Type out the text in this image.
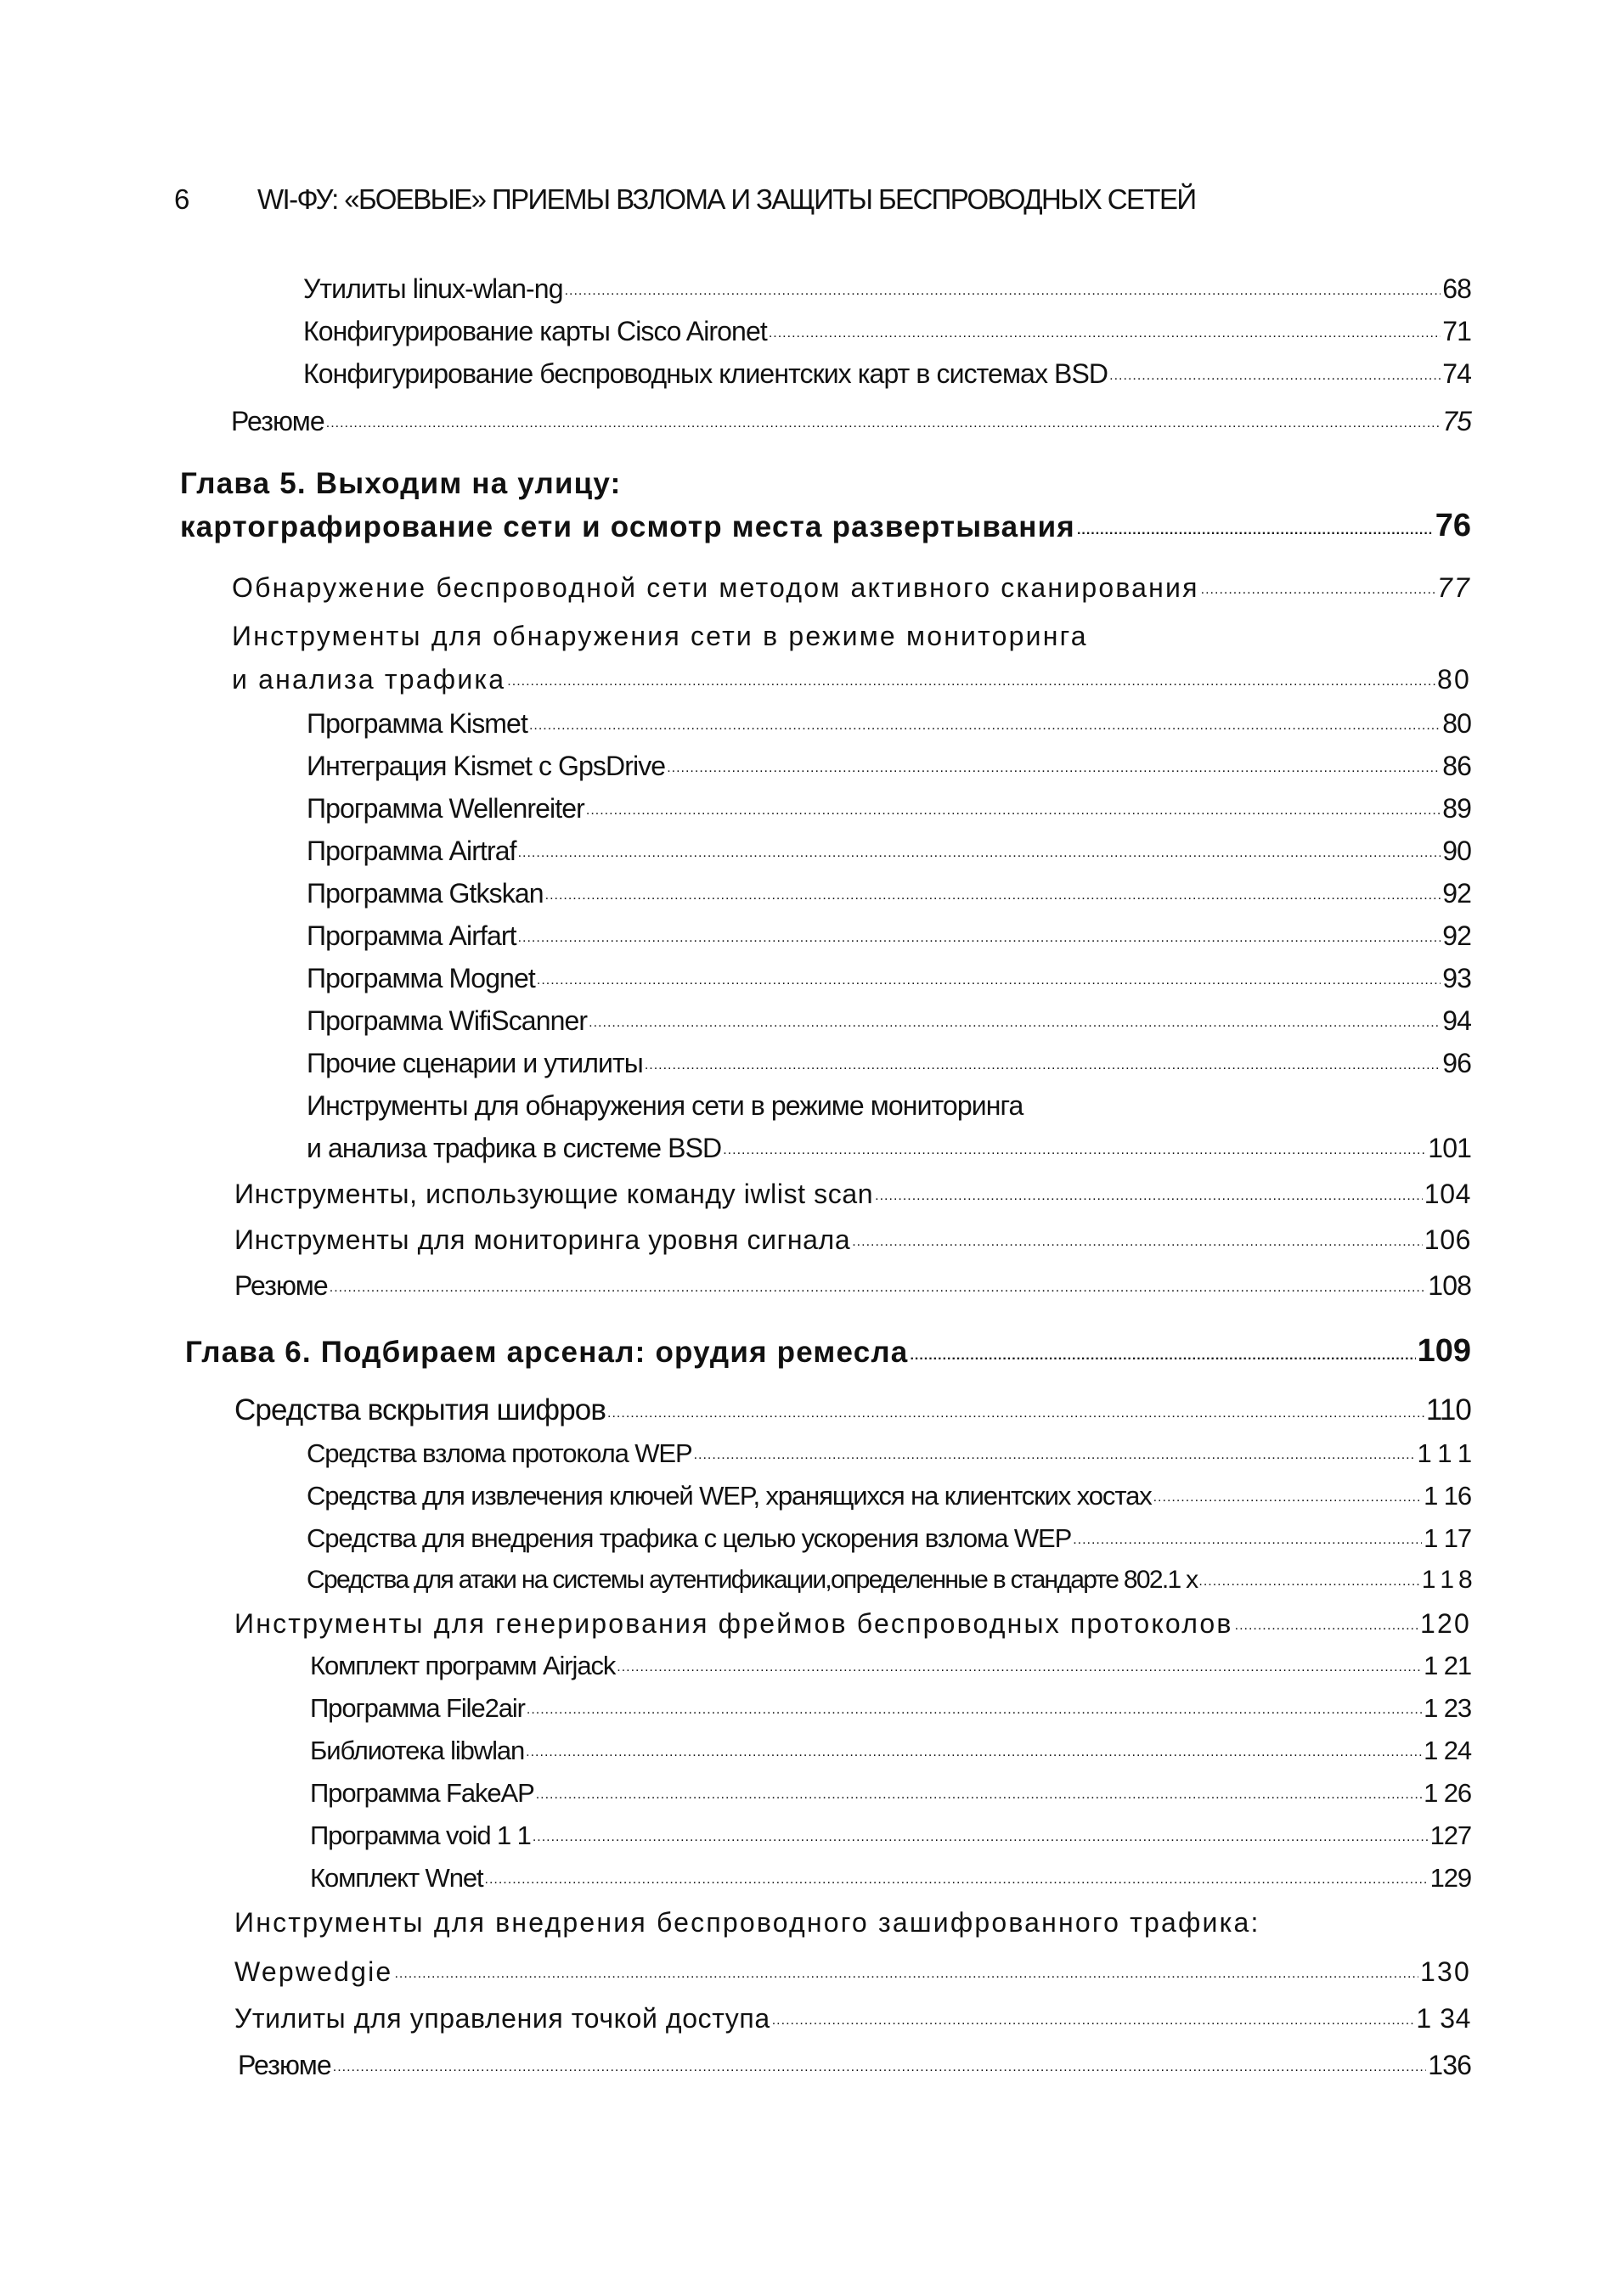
6 WI-ФУ: «БОЕВЫЕ» ПРИЕМЫ ВЗЛОМА И ЗАЩИТЫ БЕСПРОВОДНЫХ СЕТЕЙ
Утилиты linux-wlan-ng .....	68
Конфигурирование карты Cisco Aironet .....	71
Конфигурирование беспроводных клиентских карт в системах BSD .....	74
Резюме .....	75
Глава 5. Выходим на улицу:
картографирование сети и осмотр места развертывания .....	76
Обнаружение беспроводной сети методом активного сканирования .....	77
Инструменты для обнаружения сети в режиме мониторинга
и анализа трафика .....	80
Программа Kismet .....	80
Интеграция Kismet с GpsDrive .....	86
Программа Wellenreiter .....	89
Программа Airtraf .....	90
Программа Gtkskan .....	92
Программа Airfart .....	92
Программа Mognet .....	93
Программа WifiScanner .....	94
Прочие сценарии и утилиты .....	96
Инструменты для обнаружения сети в режиме мониторинга
и анализа трафика в системе BSD .....	101
Инструменты, использующие команду iwlist scan .....	104
Инструменты для мониторинга уровня сигнала .....	106
Резюме .....	108
Глава 6. Подбираем арсенал: орудия ремесла .....	109
Средства вскрытия шифров .....	110
Средства взлома протокола WEP .....	1 1 1
Средства для извлечения ключей WEP, хранящихся на клиентских хостах .....	1 16
Средства для внедрения трафика с целью ускорения взлома WEP .....	1 17
Средства для атаки на системы аутентификации,определенные в стандарте 802.1 х .....	1 1 8
Инструменты для генерирования фреймов беспроводных протоколов .....	120
Комплект программ Airjack .....	1 21
Программа File2air .....	1 23
Библиотека libwlan .....	1 24
Программа FakeAP .....	1 26
Программа void 1 1 .....	127
Комплект Wnet .....	129
Инструменты для внедрения беспроводного зашифрованного трафика:
Wepwedgie .....	130
Утилиты для управления точкой доступа .....	1 34
Резюме .....	136
